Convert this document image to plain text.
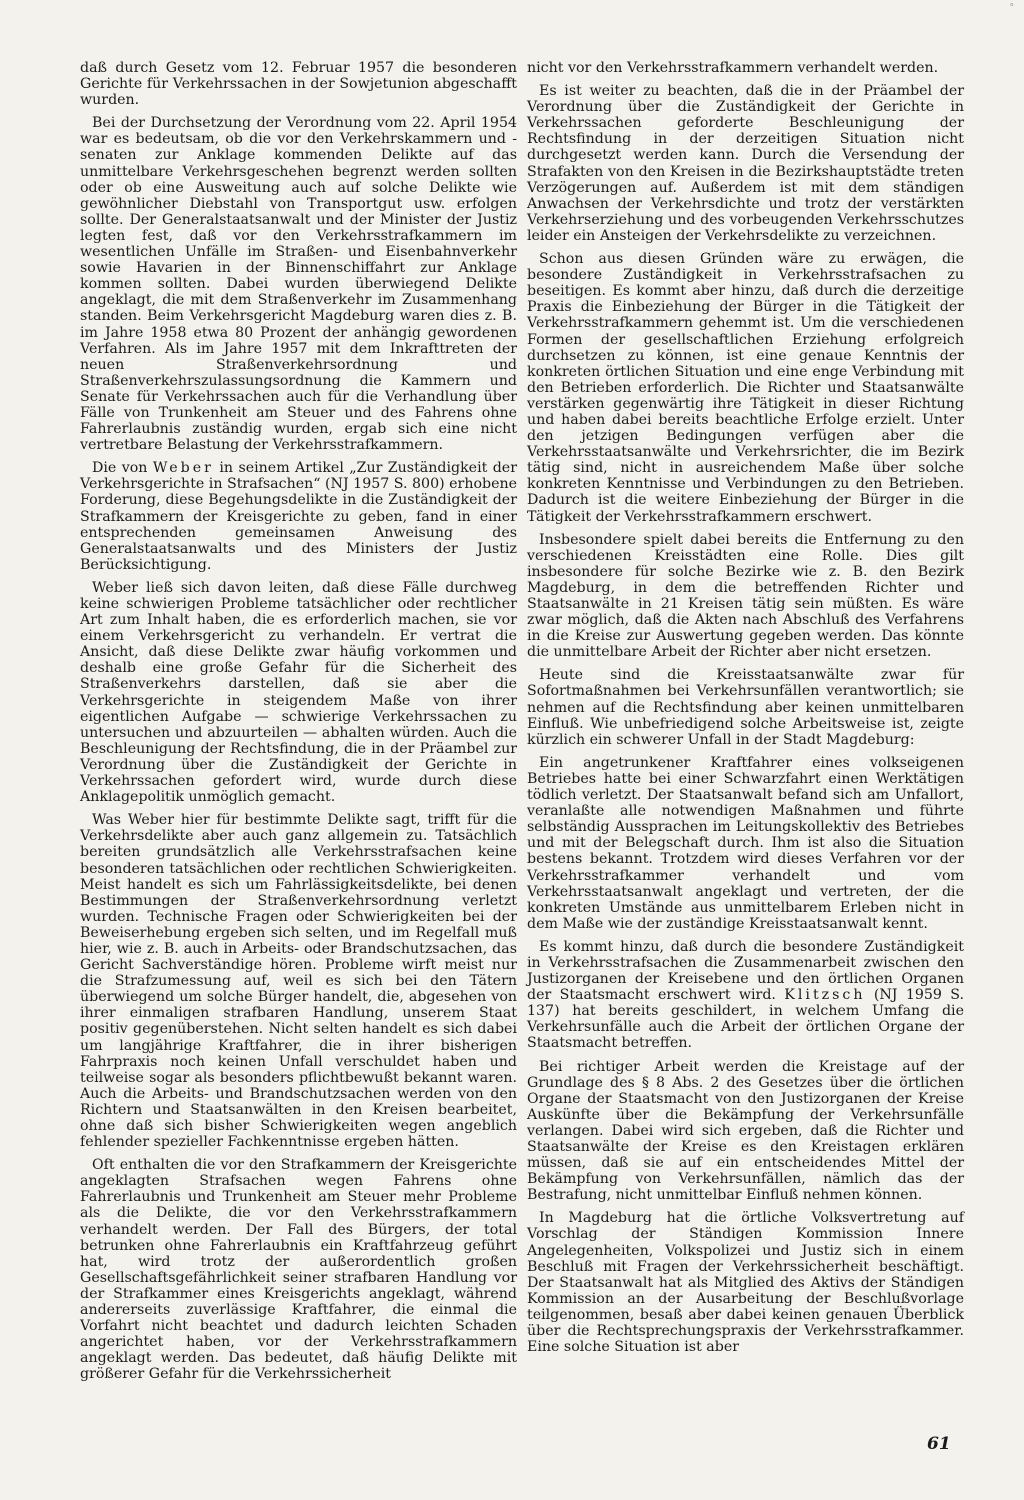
°

daß durch Gesetz vom 12. Februar 1957 die besonderen Gerichte für Verkehrssachen in der Sowjetunion abgeschafft wurden.

Bei der Durchsetzung der Verordnung vom 22. April 1954 war es bedeutsam, ob die vor den Verkehrskammern und -senaten zur Anklage kommenden Delikte auf das unmittelbare Verkehrsgeschehen begrenzt werden sollten oder ob eine Ausweitung auch auf solche Delikte wie gewöhnlicher Diebstahl von Transportgut usw. erfolgen sollte. Der Generalstaatsanwalt und der Minister der Justiz legten fest, daß vor den Verkehrsstrafkammern im wesentlichen Unfälle im Straßen- und Eisenbahnverkehr sowie Havarien in der Binnenschiffahrt zur Anklage kommen sollten. Dabei wurden überwiegend Delikte angeklagt, die mit dem Straßenverkehr im Zusammenhang standen. Beim Verkehrsgericht Magdeburg waren dies z. B. im Jahre 1958 etwa 80 Prozent der anhängig gewordenen Verfahren. Als im Jahre 1957 mit dem Inkrafttreten der neuen Straßenverkehrsordnung und Straßenverkehrszulassungsordnung die Kammern und Senate für Verkehrssachen auch für die Verhandlung über Fälle von Trunkenheit am Steuer und des Fahrens ohne Fahrerlaubnis zuständig wurden, ergab sich eine nicht vertretbare Belastung der Verkehrsstrafkammern.

Die von Weber in seinem Artikel „Zur Zuständigkeit der Verkehrsgerichte in Strafsachen“ (NJ 1957 S. 800) erhobene Forderung, diese Begehungsdelikte in die Zuständigkeit der Strafkammern der Kreisgerichte zu geben, fand in einer entsprechenden gemeinsamen Anweisung des Generalstaatsanwalts und des Ministers der Justiz Berücksichtigung.

Weber ließ sich davon leiten, daß diese Fälle durchweg keine schwierigen Probleme tatsächlicher oder rechtlicher Art zum Inhalt haben, die es erforderlich machen, sie vor einem Verkehrsgericht zu verhandeln. Er vertrat die Ansicht, daß diese Delikte zwar häufig vorkommen und deshalb eine große Gefahr für die Sicherheit des Straßenverkehrs darstellen, daß sie aber die Verkehrsgerichte in steigendem Maße von ihrer eigentlichen Aufgabe — schwierige Verkehrssachen zu untersuchen und abzuurteilen — abhalten würden. Auch die Beschleunigung der Rechtsfindung, die in der Präambel zur Verordnung über die Zuständigkeit der Gerichte in Verkehrssachen gefordert wird, wurde durch diese Anklagepolitik unmöglich gemacht.

Was Weber hier für bestimmte Delikte sagt, trifft für die Verkehrsdelikte aber auch ganz allgemein zu. Tatsächlich bereiten grundsätzlich alle Verkehrsstrafsachen keine besonderen tatsächlichen oder rechtlichen Schwierigkeiten. Meist handelt es sich um Fahrlässigkeitsdelikte, bei denen Bestimmungen der Straßenverkehrsordnung verletzt wurden. Technische Fragen oder Schwierigkeiten bei der Beweiserhebung ergeben sich selten, und im Regelfall muß hier, wie z. B. auch in Arbeits- oder Brandschutzsachen, das Gericht Sachverständige hören. Probleme wirft meist nur die Strafzumessung auf, weil es sich bei den Tätern überwiegend um solche Bürger handelt, die, abgesehen von ihrer einmaligen strafbaren Handlung, unserem Staat positiv gegenüberstehen. Nicht selten handelt es sich dabei um langjährige Kraftfahrer, die in ihrer bisherigen Fahrpraxis noch keinen Unfall verschuldet haben und teilweise sogar als besonders pflichtbewußt bekannt waren. Auch die Arbeits- und Brandschutzsachen werden von den Richtern und Staatsanwälten in den Kreisen bearbeitet, ohne daß sich bisher Schwierigkeiten wegen angeblich fehlender spezieller Fachkenntnisse ergeben hätten.

Oft enthalten die vor den Strafkammern der Kreisgerichte angeklagten Strafsachen wegen Fahrens ohne Fahrerlaubnis und Trunkenheit am Steuer mehr Probleme als die Delikte, die vor den Verkehrsstrafkammern verhandelt werden. Der Fall des Bürgers, der total betrunken ohne Fahrerlaubnis ein Kraftfahrzeug geführt hat, wird trotz der außerordentlich großen Gesellschaftsgefährlichkeit seiner strafbaren Handlung vor der Strafkammer eines Kreisgerichts angeklagt, während andererseits zuverlässige Kraftfahrer, die einmal die Vorfahrt nicht beachtet und dadurch leichten Schaden angerichtet haben, vor der Verkehrsstrafkammern angeklagt werden. Das bedeutet, daß häufig Delikte mit größerer Gefahr für die Verkehrssicherheit

nicht vor den Verkehrsstrafkammern verhandelt werden.

Es ist weiter zu beachten, daß die in der Präambel der Verordnung über die Zuständigkeit der Gerichte in Verkehrssachen geforderte Beschleunigung der Rechtsfindung in der derzeitigen Situation nicht durchgesetzt werden kann. Durch die Versendung der Strafakten von den Kreisen in die Bezirkshauptstädte treten Verzögerungen auf. Außerdem ist mit dem ständigen Anwachsen der Verkehrsdichte und trotz der verstärkten Verkehrserziehung und des vorbeugenden Verkehrsschutzes leider ein Ansteigen der Verkehrsdelikte zu verzeichnen.

Schon aus diesen Gründen wäre zu erwägen, die besondere Zuständigkeit in Verkehrsstrafsachen zu beseitigen. Es kommt aber hinzu, daß durch die derzeitige Praxis die Einbeziehung der Bürger in die Tätigkeit der Verkehrsstrafkammern gehemmt ist. Um die verschiedenen Formen der gesellschaftlichen Erziehung erfolgreich durchsetzen zu können, ist eine genaue Kenntnis der konkreten örtlichen Situation und eine enge Verbindung mit den Betrieben erforderlich. Die Richter und Staatsanwälte verstärken gegenwärtig ihre Tätigkeit in dieser Richtung und haben dabei bereits beachtliche Erfolge erzielt. Unter den jetzigen Bedingungen verfügen aber die Verkehrsstaatsanwälte und Verkehrsrichter, die im Bezirk tätig sind, nicht in ausreichendem Maße über solche konkreten Kenntnisse und Verbindungen zu den Betrieben. Dadurch ist die weitere Einbeziehung der Bürger in die Tätigkeit der Verkehrsstrafkammern erschwert.

Insbesondere spielt dabei bereits die Entfernung zu den verschiedenen Kreisstädten eine Rolle. Dies gilt insbesondere für solche Bezirke wie z. B. den Bezirk Magdeburg, in dem die betreffenden Richter und Staatsanwälte in 21 Kreisen tätig sein müßten. Es wäre zwar möglich, daß die Akten nach Abschluß des Verfahrens in die Kreise zur Auswertung gegeben werden. Das könnte die unmittelbare Arbeit der Richter aber nicht ersetzen.

Heute sind die Kreisstaatsanwälte zwar für Sofortmaßnahmen bei Verkehrsunfällen verantwortlich; sie nehmen auf die Rechtsfindung aber keinen unmittelbaren Einfluß. Wie unbefriedigend solche Arbeitsweise ist, zeigte kürzlich ein schwerer Unfall in der Stadt Magdeburg:

Ein angetrunkener Kraftfahrer eines volkseigenen Betriebes hatte bei einer Schwarzfahrt einen Werktätigen tödlich verletzt. Der Staatsanwalt befand sich am Unfallort, veranlaßte alle notwendigen Maßnahmen und führte selbständig Aussprachen im Leitungskollektiv des Betriebes und mit der Belegschaft durch. Ihm ist also die Situation bestens bekannt. Trotzdem wird dieses Verfahren vor der Verkehrsstrafkammer verhandelt und vom Verkehrsstaatsanwalt angeklagt und vertreten, der die konkreten Umstände aus unmittelbarem Erleben nicht in dem Maße wie der zuständige Kreisstaatsanwalt kennt.

Es kommt hinzu, daß durch die besondere Zuständigkeit in Verkehrsstrafsachen die Zusammenarbeit zwischen den Justizorganen der Kreisebene und den örtlichen Organen der Staatsmacht erschwert wird. Klitzsch (NJ 1959 S. 137) hat bereits geschildert, in welchem Umfang die Verkehrsunfälle auch die Arbeit der örtlichen Organe der Staatsmacht betreffen.

Bei richtiger Arbeit werden die Kreistage auf der Grundlage des § 8 Abs. 2 des Gesetzes über die örtlichen Organe der Staatsmacht von den Justizorganen der Kreise Auskünfte über die Bekämpfung der Verkehrsunfälle verlangen. Dabei wird sich ergeben, daß die Richter und Staatsanwälte der Kreise es den Kreistagen erklären müssen, daß sie auf ein entscheidendes Mittel der Bekämpfung von Verkehrsunfällen, nämlich das der Bestrafung, nicht unmittelbar Einfluß nehmen können.

In Magdeburg hat die örtliche Volksvertretung auf Vorschlag der Ständigen Kommission Innere Angelegenheiten, Volkspolizei und Justiz sich in einem Beschluß mit Fragen der Verkehrssicherheit beschäftigt. Der Staatsanwalt hat als Mitglied des Aktivs der Ständigen Kommission an der Ausarbeitung der Beschlußvorlage teilgenommen, besaß aber dabei keinen genauen Überblick über die Rechtsprechungspraxis der Verkehrsstrafkammer. Eine solche Situation ist aber

61
